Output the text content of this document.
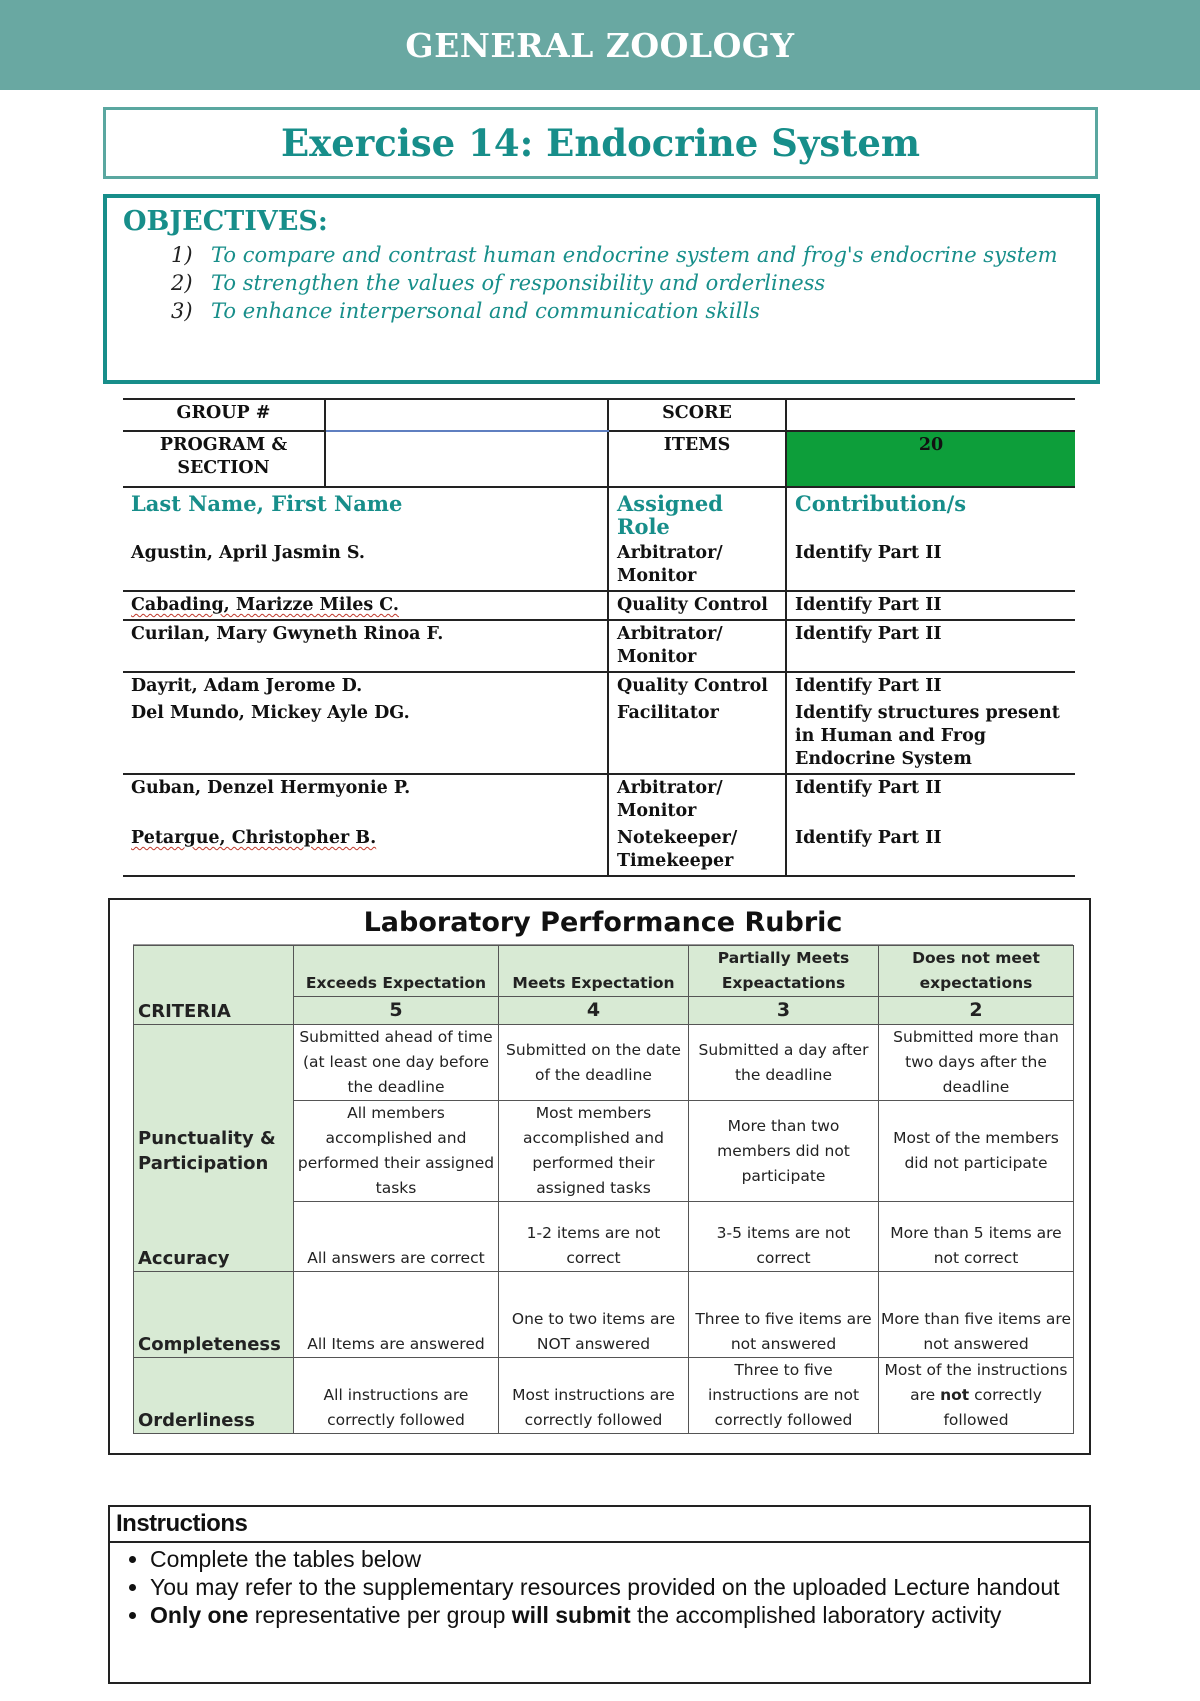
GENERAL ZOOLOGY
Exercise 14: Endocrine System
OBJECTIVES:
1) To compare and contrast human endocrine system and frog's endocrine system
2) To strengthen the values of responsibility and orderliness
3) To enhance interpersonal and communication skills
GROUP #		SCORE	
PROGRAM & SECTION		ITEMS	20
Last Name, First Name		Assigned Role	Contribution/s
Agustin, April Jasmin S.		Arbitrator/ Monitor	Identify Part II
Cabading, Marizze Miles C.		Quality Control	Identify Part II
Curilan, Mary Gwyneth Rinoa F.		Arbitrator/ Monitor	Identify Part II
Dayrit, Adam Jerome D.		Quality Control	Identify Part II
Del Mundo, Mickey Ayle DG.		Facilitator	Identify structures present in Human and Frog Endocrine System
Guban, Denzel Hermyonie P.		Arbitrator/ Monitor	Identify Part II
Petargue, Christopher B.		Notekeeper/ Timekeeper	Identify Part II
Laboratory Performance Rubric
CRITERIA	Exceeds Expectation	Meets Expectation	Partially Meets Expeactations	Does not meet expectations
	5	4	3	2
	Submitted ahead of time (at least one day before the deadline	Submitted on the date of the deadline	Submitted a day after the deadline	Submitted more than two days after the deadline
Punctuality & Participation	All members accomplished and performed their assigned tasks	Most members accomplished and performed their assigned tasks	More than two members did not participate	Most of the members did not participate
Accuracy	All answers are correct	1-2 items are not correct	3-5 items are not correct	More than 5 items are not correct
Completeness	All Items are answered	One to two items are NOT answered	Three to five items are not answered	More than five items are not answered
Orderliness	All instructions are correctly followed	Most instructions are correctly followed	Three to five instructions are not correctly followed	Most of the instructions are not correctly followed
Instructions
• Complete the tables below
• You may refer to the supplementary resources provided on the uploaded Lecture handout
• Only one representative per group will submit the accomplished laboratory activity
